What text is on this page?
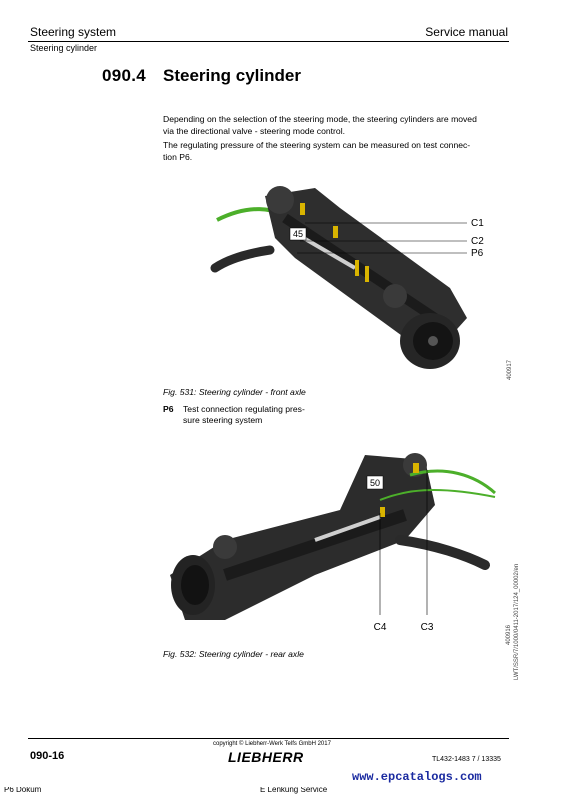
Steering system	Service manual
Steering cylinder
090.4 Steering cylinder
Depending on the selection of the steering mode, the steering cylinders are moved
via the directional valve - steering mode control.
The regulating pressure of the steering system can be measured on test connec-
tion P6.
45
C1
C2
P6
400917
Fig. 531: Steering cylinder - front axle
P6 Test connection regulating pres-
sure steering system
50
C4	C3	400916 LWT/SSR/7/1000/0411-2017/124_00002/en
Fig. 532: Steering cylinder - rear axle
090-16
copyright © Liebherr-Werk Telfs GmbH 2017
LIEBHERR	TL432-1483 7 / 13335
www.epcatalogs.com
P6 Dokum	E Lenkung Service
